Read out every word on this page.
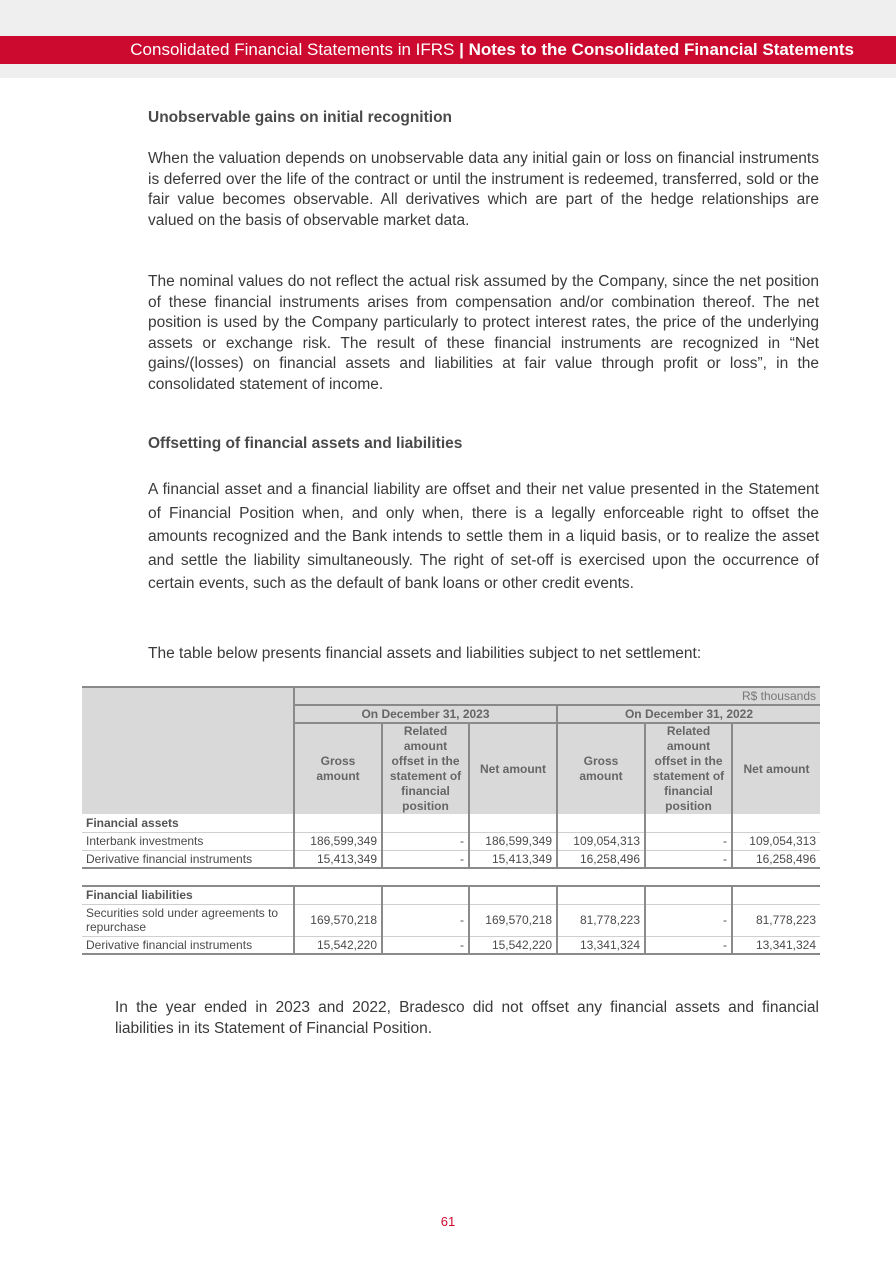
Consolidated Financial Statements in IFRS | Notes to the Consolidated Financial Statements
Unobservable gains on initial recognition

When the valuation depends on unobservable data any initial gain or loss on financial instruments is deferred over the life of the contract or until the instrument is redeemed, transferred, sold or the fair value becomes observable. All derivatives which are part of the hedge relationships are valued on the basis of observable market data.

The nominal values do not reflect the actual risk assumed by the Company, since the net position of these financial instruments arises from compensation and/or combination thereof. The net position is used by the Company particularly to protect interest rates, the price of the underlying assets or exchange risk. The result of these financial instruments are recognized in “Net gains/(losses) on financial assets and liabilities at fair value through profit or loss”, in the consolidated statement of income.

Offsetting of financial assets and liabilities

A financial asset and a financial liability are offset and their net value presented in the Statement of Financial Position when, and only when, there is a legally enforceable right to offset the amounts recognized and the Bank intends to settle them in a liquid basis, or to realize the asset and settle the liability simultaneously. The right of set-off is exercised upon the occurrence of certain events, such as the default of bank loans or other credit events.

The table below presents financial assets and liabilities subject to net settlement:

	R$ thousands					
	On December 31, 2023			On December 31, 2022		
	Gross amount	Related amount offset in the statement of financial position	Net amount	Gross amount	Related amount offset in the statement of financial position	Net amount
Financial assets						
Interbank investments	186,599,349	-	186,599,349	109,054,313	-	109,054,313
Derivative financial instruments	15,413,349	-	15,413,349	16,258,496	-	16,258,496

Financial liabilities						
Securities sold under agreements to repurchase	169,570,218	-	169,570,218	81,778,223	-	81,778,223
Derivative financial instruments	15,542,220	-	15,542,220	13,341,324	-	13,341,324

In the year ended in 2023 and 2022, Bradesco did not offset any financial assets and financial liabilities in its Statement of Financial Position.

61
